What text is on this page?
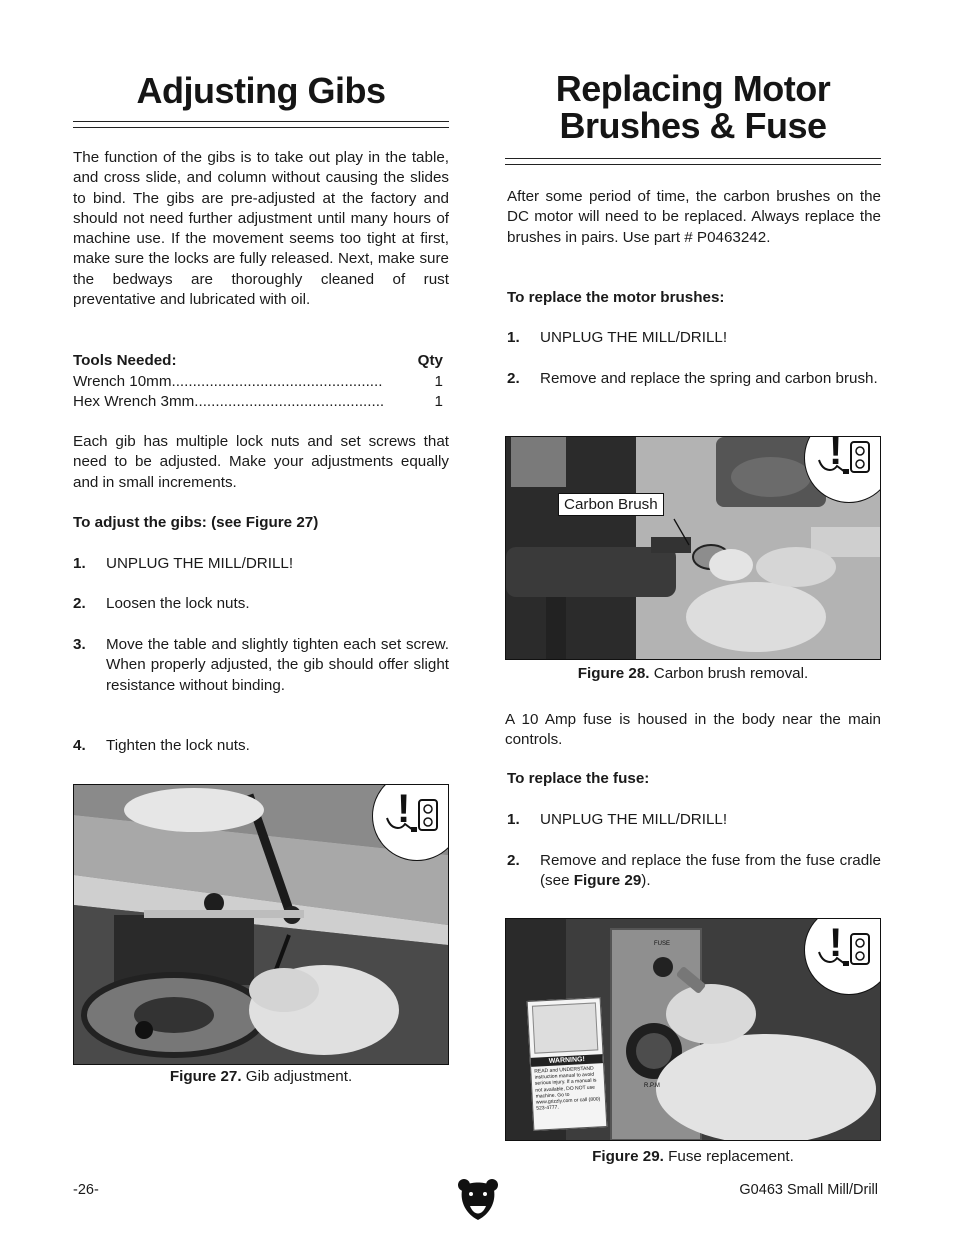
Adjusting Gibs
The function of the gibs is to take out play in the table, and cross slide, and column without causing the slides to bind. The gibs are pre-adjusted at the factory and should not need further adjustment until many hours of machine use. If the movement seems too tight at first, make sure the locks are fully released. Next, make sure the bedways are thoroughly cleaned of rust preventative and lubricated with oil.
Tools Needed:	Qty
Wrench 10mm..................................................	1
Hex Wrench 3mm.............................................	1
Each gib has multiple lock nuts and set screws that need to be adjusted. Make your adjustments equally and in small increments.
To adjust the gibs: (see Figure 27)
1. UNPLUG THE MILL/DRILL!
2. Loosen the lock nuts.
3. Move the table and slightly tighten each set screw. When properly adjusted, the gib should offer slight resistance without binding.
4. Tighten the lock nuts.
!
Figure 27. Gib adjustment.
Replacing Motor
Brushes & Fuse
After some period of time, the carbon brushes on the DC motor will need to be replaced. Always replace the brushes in pairs. Use part # P0463242.
To replace the motor brushes:
1. UNPLUG THE MILL/DRILL!
2. Remove and replace the spring and carbon brush.
Carbon Brush
!
Figure 28. Carbon brush removal.
A 10 Amp fuse is housed in the body near the main controls.
To replace the fuse:
1. UNPLUG THE MILL/DRILL!
2. Remove and replace the fuse from the fuse cradle (see Figure 29).
WARNING!
READ and UNDERSTAND instruction manual to avoid serious injury. If a manual is not available, DO NOT use machine. Go to www.grizzly.com or call (800) 523-4777.
FUSE
R.P.M
!
Figure 29. Fuse replacement.
-26-	G0463 Small Mill/Drill
